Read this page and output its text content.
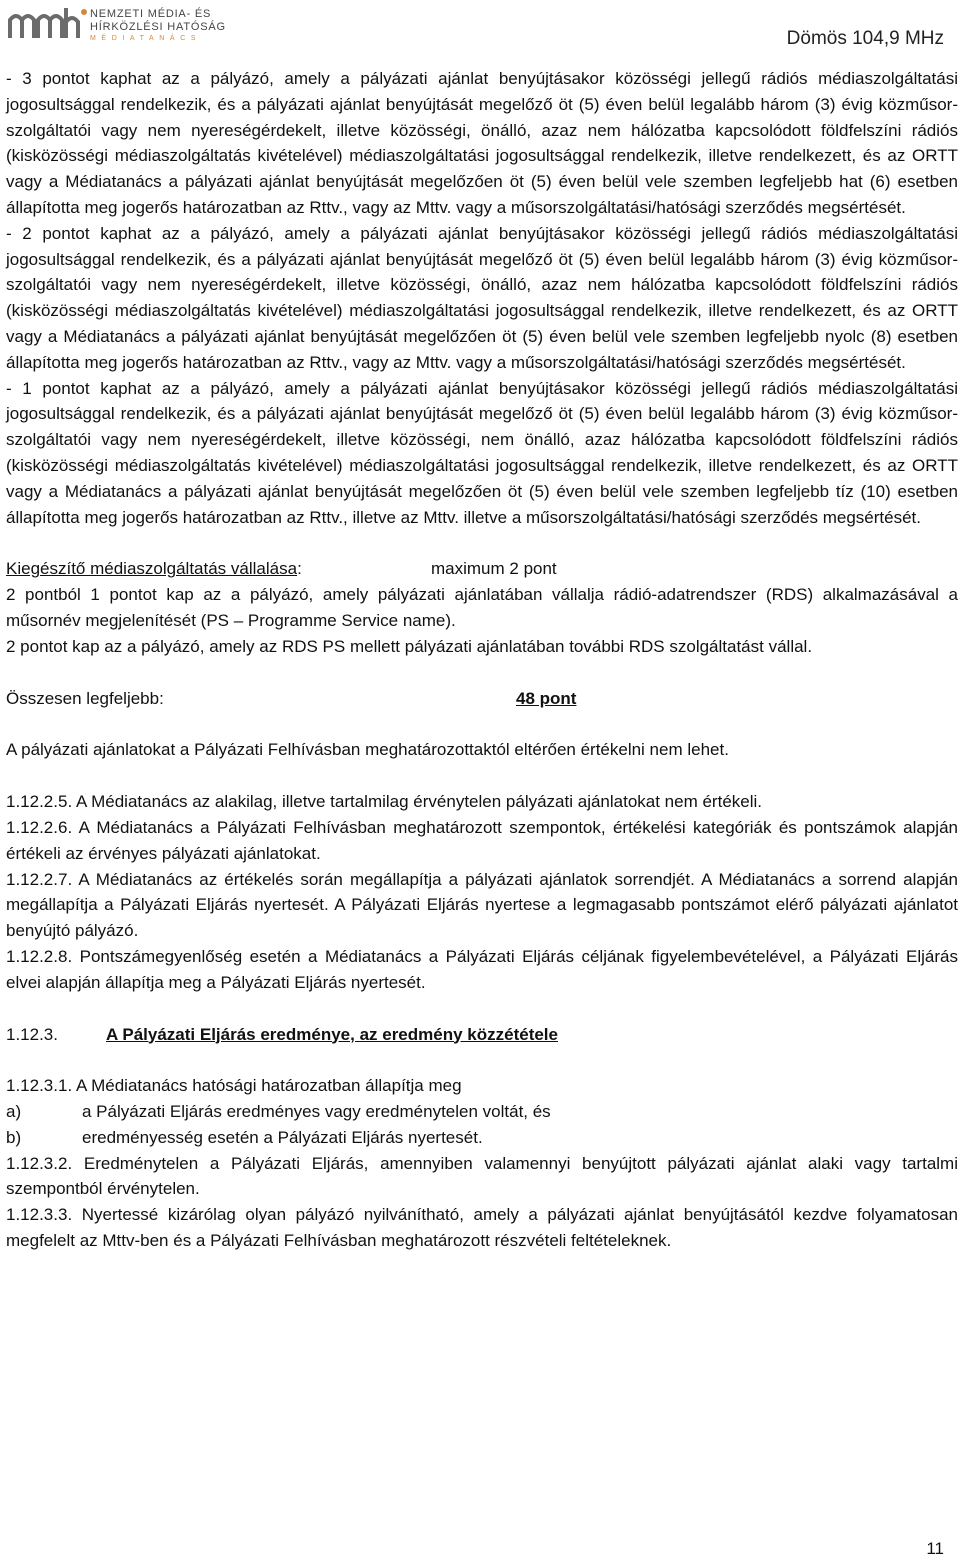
NEMZETI MÉDIA- ÉS
HÍRKÖZLÉSI HATÓSÁG
MÉDIATANÁCS	Dömös 104,9 MHz

- 3 pontot kaphat az a pályázó, amely a pályázati ajánlat benyújtásakor közösségi jellegű rádiós médiaszolgáltatási jogosultsággal rendelkezik, és a pályázati ajánlat benyújtását megelőző öt (5) éven belül legalább három (3) évig közműsor-szolgáltatói vagy nem nyereségérdekelt, illetve közösségi, önálló, azaz nem hálózatba kapcsolódott földfelszíni rádiós (kisközösségi médiaszolgáltatás kivételével) médiaszolgáltatási jogosultsággal rendelkezik, illetve rendelkezett, és az ORTT vagy a Médiatanács a pályázati ajánlat benyújtását megelőzően öt (5) éven belül vele szemben legfeljebb hat (6) esetben állapította meg jogerős határozatban az Rttv., vagy az Mttv. vagy a műsorszolgáltatási/hatósági szerződés megsértését.

- 2 pontot kaphat az a pályázó, amely a pályázati ajánlat benyújtásakor közösségi jellegű rádiós médiaszolgáltatási jogosultsággal rendelkezik, és a pályázati ajánlat benyújtását megelőző öt (5) éven belül legalább három (3) évig közműsor-szolgáltatói vagy nem nyereségérdekelt, illetve közösségi, önálló, azaz nem hálózatba kapcsolódott földfelszíni rádiós (kisközösségi médiaszolgáltatás kivételével) médiaszolgáltatási jogosultsággal rendelkezik, illetve rendelkezett, és az ORTT vagy a Médiatanács a pályázati ajánlat benyújtását megelőzően öt (5) éven belül vele szemben legfeljebb nyolc (8) esetben állapította meg jogerős határozatban az Rttv., vagy az Mttv. vagy a műsorszolgáltatási/hatósági szerződés megsértését.

- 1 pontot kaphat az a pályázó, amely a pályázati ajánlat benyújtásakor közösségi jellegű rádiós médiaszolgáltatási jogosultsággal rendelkezik, és a pályázati ajánlat benyújtását megelőző öt (5) éven belül legalább három (3) évig közműsor-szolgáltatói vagy nem nyereségérdekelt, illetve közösségi, nem önálló, azaz hálózatba kapcsolódott földfelszíni rádiós (kisközösségi médiaszolgáltatás kivételével) médiaszolgáltatási jogosultsággal rendelkezik, illetve rendelkezett, és az ORTT vagy a Médiatanács a pályázati ajánlat benyújtását megelőzően öt (5) éven belül vele szemben legfeljebb tíz (10) esetben állapította meg jogerős határozatban az Rttv., illetve az Mttv. illetve a műsorszolgáltatási/hatósági szerződés megsértését.

Kiegészítő médiaszolgáltatás vállalása:	maximum 2 pont

2 pontból 1 pontot kap az a pályázó, amely pályázati ajánlatában vállalja rádió-adatrendszer (RDS) alkalmazásával a műsornév megjelenítését (PS – Programme Service name).

2 pontot kap az a pályázó, amely az RDS PS mellett pályázati ajánlatában további RDS szolgáltatást vállal.

Összesen legfeljebb:	48 pont

A pályázati ajánlatokat a Pályázati Felhívásban meghatározottaktól eltérően értékelni nem lehet.

1.12.2.5. A Médiatanács az alakilag, illetve tartalmilag érvénytelen pályázati ajánlatokat nem értékeli.

1.12.2.6. A Médiatanács a Pályázati Felhívásban meghatározott szempontok, értékelési kategóriák és pontszámok alapján értékeli az érvényes pályázati ajánlatokat.

1.12.2.7. A Médiatanács az értékelés során megállapítja a pályázati ajánlatok sorrendjét. A Médiatanács a sorrend alapján megállapítja a Pályázati Eljárás nyertesét. A Pályázati Eljárás nyertese a legmagasabb pontszámot elérő pályázati ajánlatot benyújtó pályázó.

1.12.2.8. Pontszámegyenlőség esetén a Médiatanács a Pályázati Eljárás céljának figyelembevételével, a Pályázati Eljárás elvei alapján állapítja meg a Pályázati Eljárás nyertesét.

1.12.3.	A Pályázati Eljárás eredménye, az eredmény közzététele

1.12.3.1. A Médiatanács hatósági határozatban állapítja meg

a)	a Pályázati Eljárás eredményes vagy eredménytelen voltát, és

b)	eredményesség esetén a Pályázati Eljárás nyertesét.

1.12.3.2. Eredménytelen a Pályázati Eljárás, amennyiben valamennyi benyújtott pályázati ajánlat alaki vagy tartalmi szempontból érvénytelen.

1.12.3.3. Nyertessé kizárólag olyan pályázó nyilvánítható, amely a pályázati ajánlat benyújtásától kezdve folyamatosan megfelelt az Mttv-ben és a Pályázati Felhívásban meghatározott részvételi feltételeknek.

11
